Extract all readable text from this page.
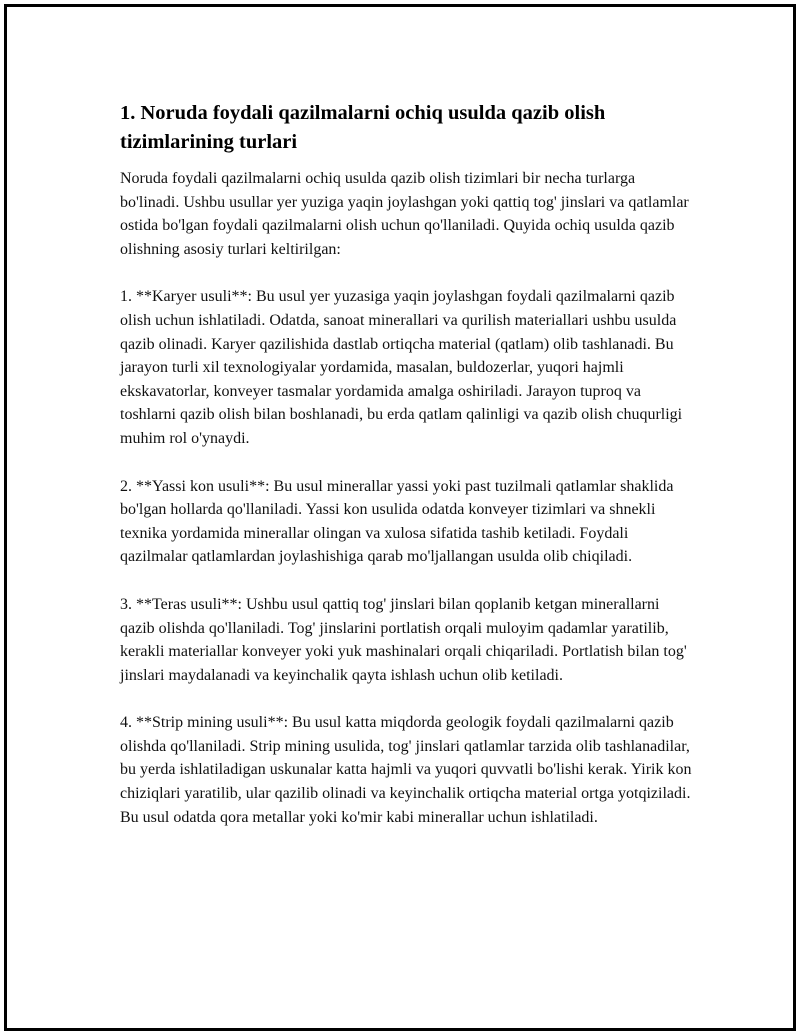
1. Noruda foydali qazilmalarni ochiq usulda qazib olish tizimlarining turlari

Noruda foydali qazilmalarni ochiq usulda qazib olish tizimlari bir necha turlarga bo'linadi. Ushbu usullar yer yuziga yaqin joylashgan yoki qattiq tog' jinslari va qatlamlar ostida bo'lgan foydali qazilmalarni olish uchun qo'llaniladi. Quyida ochiq usulda qazib olishning asosiy turlari keltirilgan:

1. **Karyer usuli**: Bu usul yer yuzasiga yaqin joylashgan foydali qazilmalarni qazib olish uchun ishlatiladi. Odatda, sanoat minerallari va qurilish materiallari ushbu usulda qazib olinadi. Karyer qazilishida dastlab ortiqcha material (qatlam) olib tashlanadi. Bu jarayon turli xil texnologiyalar yordamida, masalan, buldozerlar, yuqori hajmli ekskavatorlar, konveyer tasmalar yordamida amalga oshiriladi. Jarayon tuproq va toshlarni qazib olish bilan boshlanadi, bu erda qatlam qalinligi va qazib olish chuqurligi muhim rol o'ynaydi.

2. **Yassi kon usuli**: Bu usul minerallar yassi yoki past tuzilmali qatlamlar shaklida bo'lgan hollarda qo'llaniladi. Yassi kon usulida odatda konveyer tizimlari va shnekli texnika yordamida minerallar olingan va xulosa sifatida tashib ketiladi. Foydali qazilmalar qatlamlardan joylashishiga qarab mo'ljallangan usulda olib chiqiladi.

3. **Teras usuli**: Ushbu usul qattiq tog' jinslari bilan qoplanib ketgan minerallarni qazib olishda qo'llaniladi. Tog' jinslarini portlatish orqali muloyim qadamlar yaratilib, kerakli materiallar konveyer yoki yuk mashinalari orqali chiqariladi. Portlatish bilan tog' jinslari maydalanadi va keyinchalik qayta ishlash uchun olib ketiladi.

4. **Strip mining usuli**: Bu usul katta miqdorda geologik foydali qazilmalarni qazib olishda qo'llaniladi. Strip mining usulida, tog' jinslari qatlamlar tarzida olib tashlanadilar, bu yerda ishlatiladigan uskunalar katta hajmli va yuqori quvvatli bo'lishi kerak. Yirik kon chiziqlari yaratilib, ular qazilib olinadi va keyinchalik ortiqcha material ortga yotqiziladi. Bu usul odatda qora metallar yoki ko'mir kabi minerallar uchun ishlatiladi.
